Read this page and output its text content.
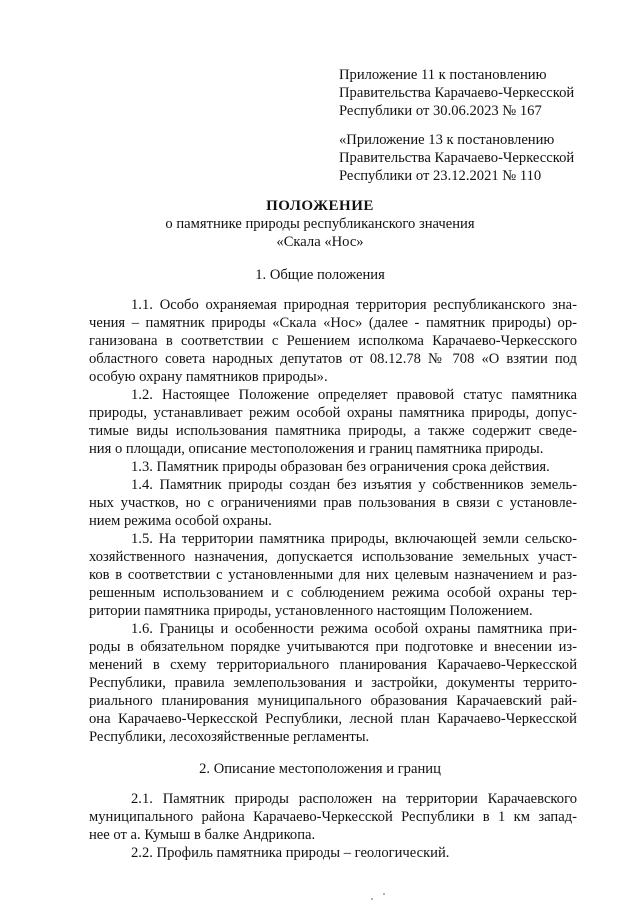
Приложение 11 к постановлению

Правительства Карачаево-Черкесской

Республики от 30.06.2023 № 167

«Приложение 13 к постановлению

Правительства Карачаево-Черкесской

Республики от 23.12.2021 № 110

ПОЛОЖЕНИЕ

о памятнике природы республиканского значения

«Скала «Нос»

1. Общие положения

1.1. Особо охраняемая природная территория республиканского зна-

чения – памятник природы «Скала «Нос» (далее - памятник природы) ор-

ганизована в соответствии с Решением исполкома Карачаево-Черкесского

областного совета народных депутатов от 08.12.78 № 708 «О взятии под

особую охрану памятников природы».

1.2. Настоящее Положение определяет правовой статус памятника

природы, устанавливает режим особой охраны памятника природы, допус-

тимые виды использования памятника природы, а также содержит сведе-

ния о площади, описание местоположения и границ памятника природы.

1.3. Памятник природы образован без ограничения срока действия.

1.4. Памятник природы создан без изъятия у собственников земель-

ных участков, но с ограничениями прав пользования в связи с установле-

нием режима особой охраны.

1.5. На территории памятника природы, включающей земли сельско-

хозяйственного назначения, допускается использование земельных участ-

ков в соответствии с установленными для них целевым назначением и раз-

решенным использованием и с соблюдением режима особой охраны тер-

ритории памятника природы, установленного настоящим Положением.

1.6. Границы и особенности режима особой охраны памятника при-

роды в обязательном порядке учитываются при подготовке и внесении из-

менений в схему территориального планирования Карачаево-Черкесской

Республики, правила землепользования и застройки, документы террито-

риального планирования муниципального образования Карачаевский рай-

она Карачаево-Черкесской Республики, лесной план Карачаево-Черкесской

Республики, лесохозяйственные регламенты.

2. Описание местоположения и границ

2.1. Памятник природы расположен на территории Карачаевского

муниципального района Карачаево-Черкесской Республики в 1 км запад-

нее от а. Кумыш в балке Андрикопа.

2.2. Профиль памятника природы – геологический.
